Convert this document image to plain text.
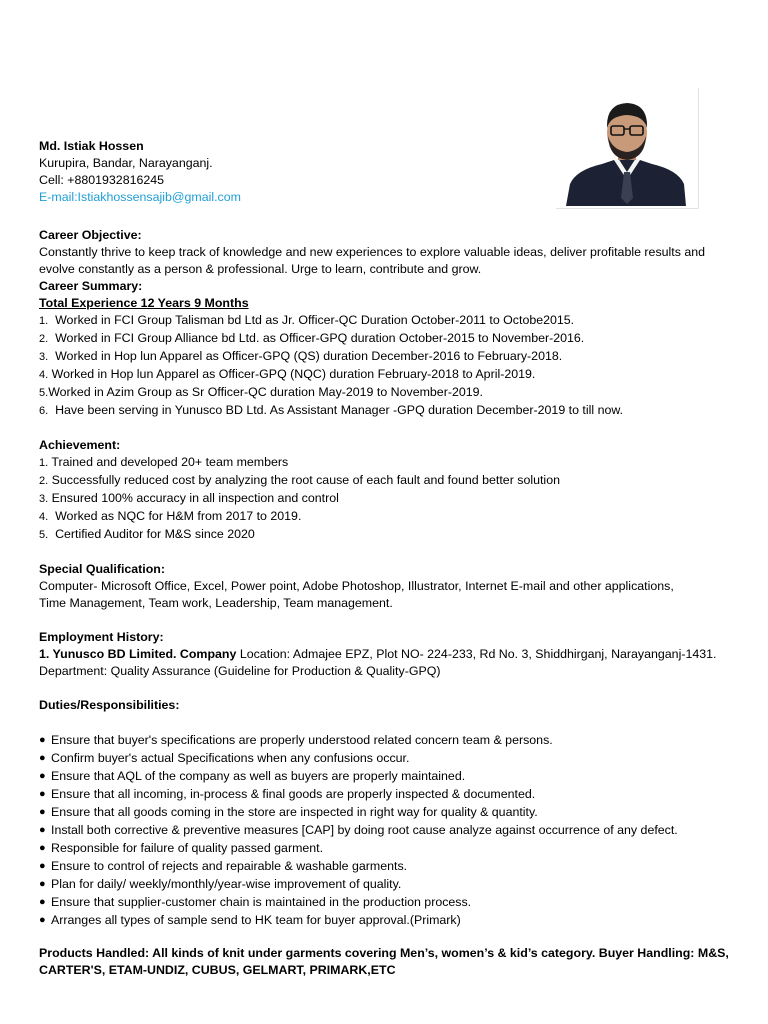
Md. Istiak Hossen
Kurupira, Bandar, Narayanganj.
Cell: +8801932816245
E-mail:Istiakhossensajib@gmail.com
Career Objective:
Constantly thrive to keep track of knowledge and new experiences to explore valuable ideas, deliver profitable results and evolve constantly as a person & professional. Urge to learn, contribute and grow.
Career Summary:
Total Experience 12 Years 9 Months
1. Worked in FCI Group Talisman bd Ltd as Jr. Officer-QC Duration October-2011 to Octobe2015.
2. Worked in FCI Group Alliance bd Ltd. as Officer-GPQ duration October-2015 to November-2016.
3. Worked in Hop lun Apparel as Officer-GPQ (QS) duration December-2016 to February-2018.
4. Worked in Hop lun Apparel as Officer-GPQ (NQC) duration February-2018 to April-2019.
5.Worked in Azim Group as Sr Officer-QC duration May-2019 to November-2019.
6. Have been serving in Yunusco BD Ltd. As Assistant Manager -GPQ duration December-2019 to till now.
Achievement:
1. Trained and developed 20+ team members
2. Successfully reduced cost by analyzing the root cause of each fault and found better solution
3. Ensured 100% accuracy in all inspection and control
4. Worked as NQC for H&M from 2017 to 2019.
5. Certified Auditor for M&S since 2020
Special Qualification:
Computer- Microsoft Office, Excel, Power point, Adobe Photoshop, Illustrator, Internet E-mail and other applications,
Time Management, Team work, Leadership, Team management.
Employment History:
1. Yunusco BD Limited. Company Location: Admajee EPZ, Plot NO- 224-233, Rd No. 3, Shiddhirganj, Narayanganj-1431.
Department: Quality Assurance (Guideline for Production & Quality-GPQ)
Duties/Responsibilities:
● Ensure that buyer's specifications are properly understood related concern team & persons.
● Confirm buyer's actual Specifications when any confusions occur.
● Ensure that AQL of the company as well as buyers are properly maintained.
● Ensure that all incoming, in-process & final goods are properly inspected & documented.
● Ensure that all goods coming in the store are inspected in right way for quality & quantity.
● Install both corrective & preventive measures [CAP] by doing root cause analyze against occurrence of any defect.
● Responsible for failure of quality passed garment.
● Ensure to control of rejects and repairable & washable garments.
● Plan for daily/ weekly/monthly/year-wise improvement of quality.
● Ensure that supplier-customer chain is maintained in the production process.
● Arranges all types of sample send to HK team for buyer approval.(Primark)
Products Handled: All kinds of knit under garments covering Men’s, women’s & kid’s category. Buyer Handling: M&S, CARTER'S, ETAM-UNDIZ, CUBUS, GELMART, PRIMARK,ETC
